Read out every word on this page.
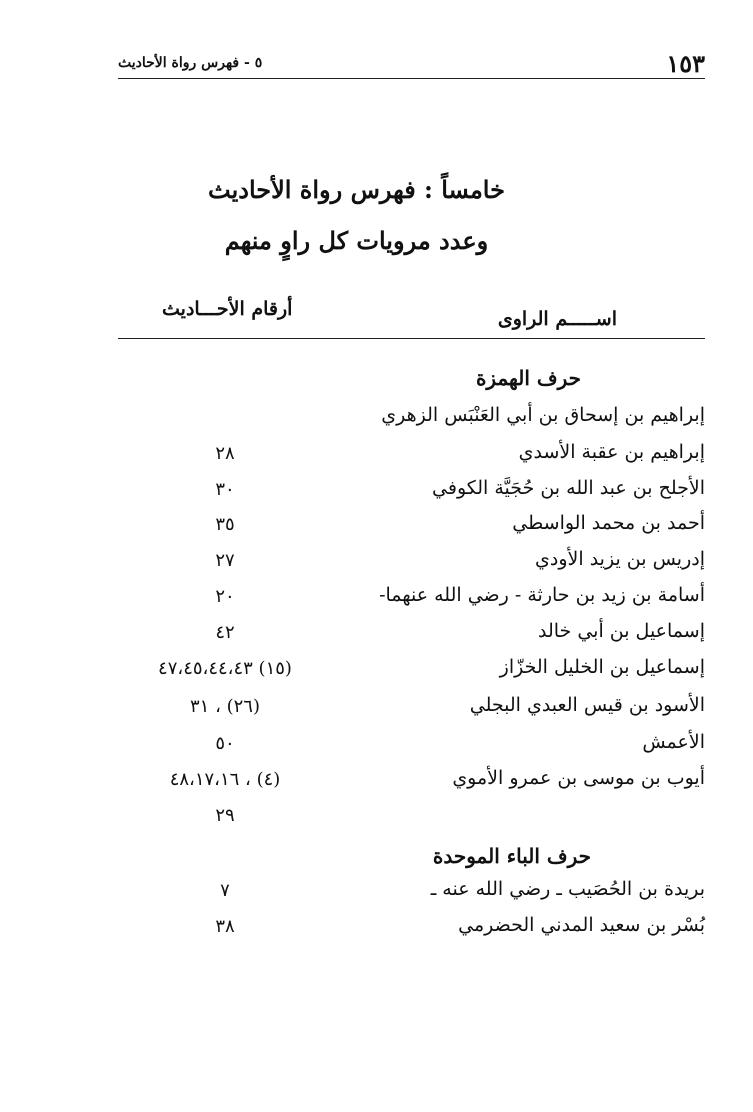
١٥٣
٥ - فهرس رواة الأحاديث
خامساً : فهرس رواة الأحاديث
وعدد مرويات كل راوٍ منهم
اســـــم الراوى
أرقام الأحـــاديث
حرف الهمزة
إبراهيم بن إسحاق بن أبي العَنْبَس الزهري
إبراهيم بن عقبة الأسدي
٢٨
الأجلح بن عبد الله بن حُجَيَّة الكوفي
٣٠
أحمد بن محمد الواسطي
٣٥
إدريس بن يزيد الأودي
٢٧
أسامة بن زيد بن حارثة - رضي الله عنهما-
٢٠
إسماعيل بن أبي خالد
٤٢
إسماعيل بن الخليل الخزّاز
(١٥) ٤٧،٤٥،٤٤،٤٣
الأسود بن قيس العبدي البجلي
(٢٦) ، ٣١
الأعمش
٥٠
أيوب بن موسى بن عمرو الأموي
(٤) ، ٤٨،١٧،١٦
٢٩
حرف الباء الموحدة
بريدة بن الحُصَيب ـ رضي الله عنه ـ
٧
بُسْر بن سعيد المدني الحضرمي
٣٨
